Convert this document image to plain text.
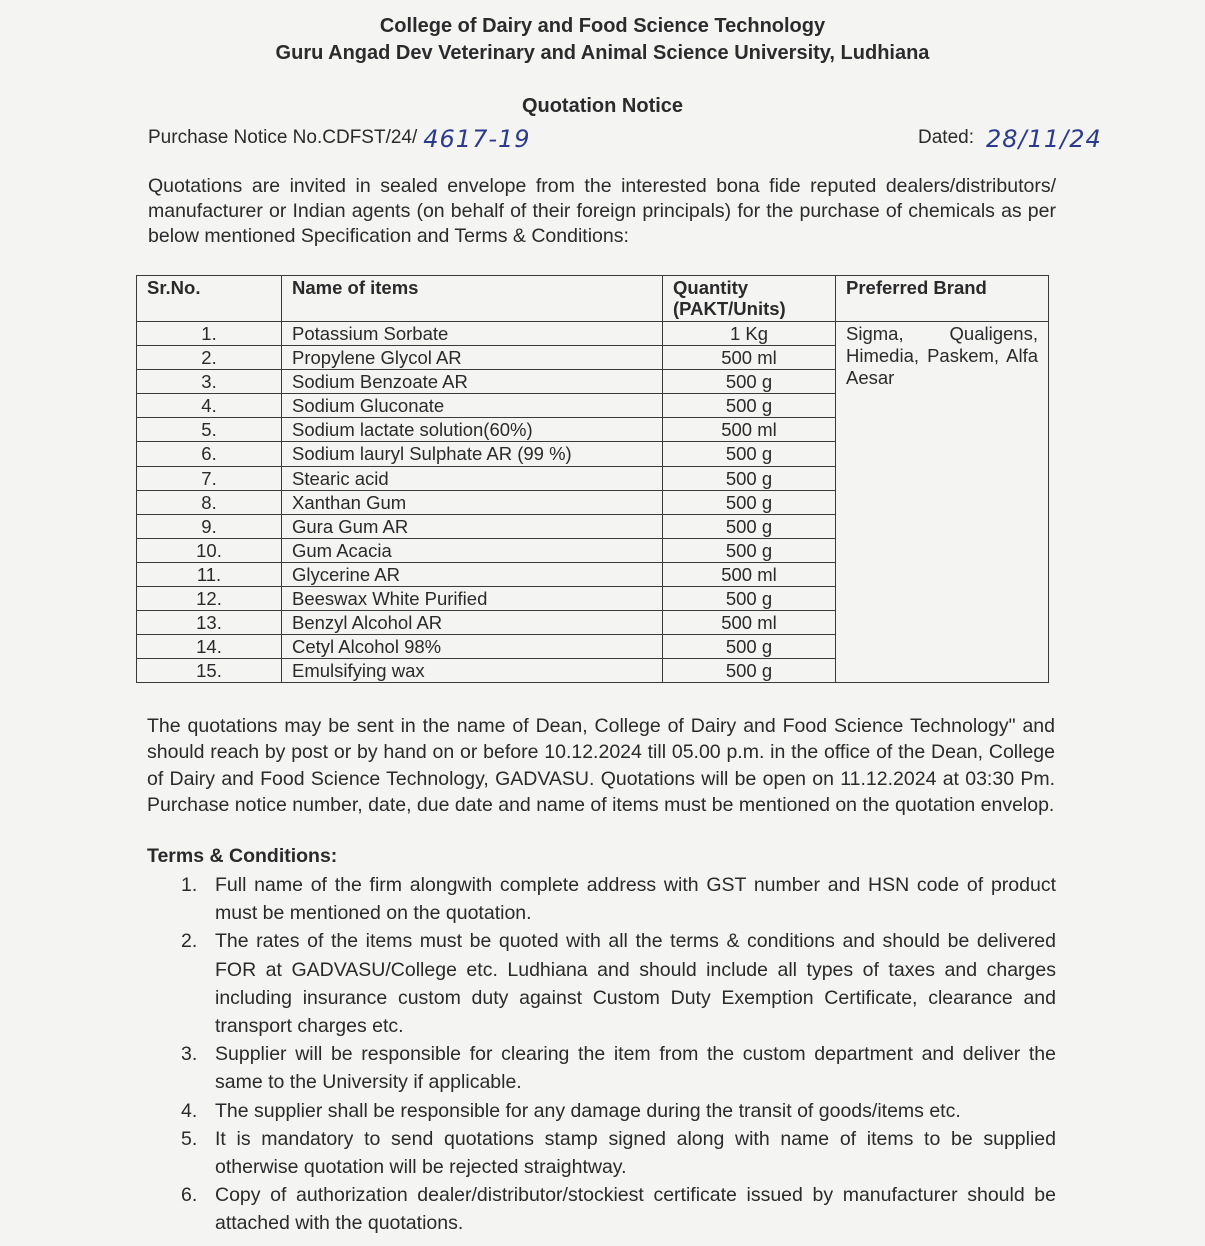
College of Dairy and Food Science Technology
Guru Angad Dev Veterinary and Animal Science University, Ludhiana
Quotation Notice
Purchase Notice No.CDFST/24/ 4617-19	Dated: 28/11/24
Quotations are invited in sealed envelope from the interested bona fide reputed dealers/distributors/ manufacturer or Indian agents (on behalf of their foreign principals) for the purchase of chemicals as per below mentioned Specification and Terms & Conditions:
Sr.No.	Name of items	Quantity (PAKT/Units)	Preferred Brand
1.	Potassium Sorbate	1 Kg	Sigma, Qualigens, Himedia, Paskem, Alfa Aesar
2.	Propylene Glycol AR	500 ml	
3.	Sodium Benzoate AR	500 g	
4.	Sodium Gluconate	500 g	
5.	Sodium lactate solution(60%)	500 ml	
6.	Sodium lauryl Sulphate AR (99 %)	500 g	
7.	Stearic acid	500 g	
8.	Xanthan Gum	500 g	
9.	Gura Gum AR	500 g	
10.	Gum Acacia	500 g	
11.	Glycerine AR	500 ml	
12.	Beeswax White Purified	500 g	
13.	Benzyl Alcohol AR	500 ml	
14.	Cetyl Alcohol 98%	500 g	
15.	Emulsifying wax	500 g	
The quotations may be sent in the name of Dean, College of Dairy and Food Science Technology" and should reach by post or by hand on or before 10.12.2024 till 05.00 p.m. in the office of the Dean, College of Dairy and Food Science Technology, GADVASU. Quotations will be open on 11.12.2024 at 03:30 Pm. Purchase notice number, date, due date and name of items must be mentioned on the quotation envelop.
Terms & Conditions:
1. Full name of the firm alongwith complete address with GST number and HSN code of product must be mentioned on the quotation.
2. The rates of the items must be quoted with all the terms & conditions and should be delivered FOR at GADVASU/College etc. Ludhiana and should include all types of taxes and charges including insurance custom duty against Custom Duty Exemption Certificate, clearance and transport charges etc.
3. Supplier will be responsible for clearing the item from the custom department and deliver the same to the University if applicable.
4. The supplier shall be responsible for any damage during the transit of goods/items etc.
5. It is mandatory to send quotations stamp signed along with name of items to be supplied otherwise quotation will be rejected straightway.
6. Copy of authorization dealer/distributor/stockiest certificate issued by manufacturer should be attached with the quotations.
